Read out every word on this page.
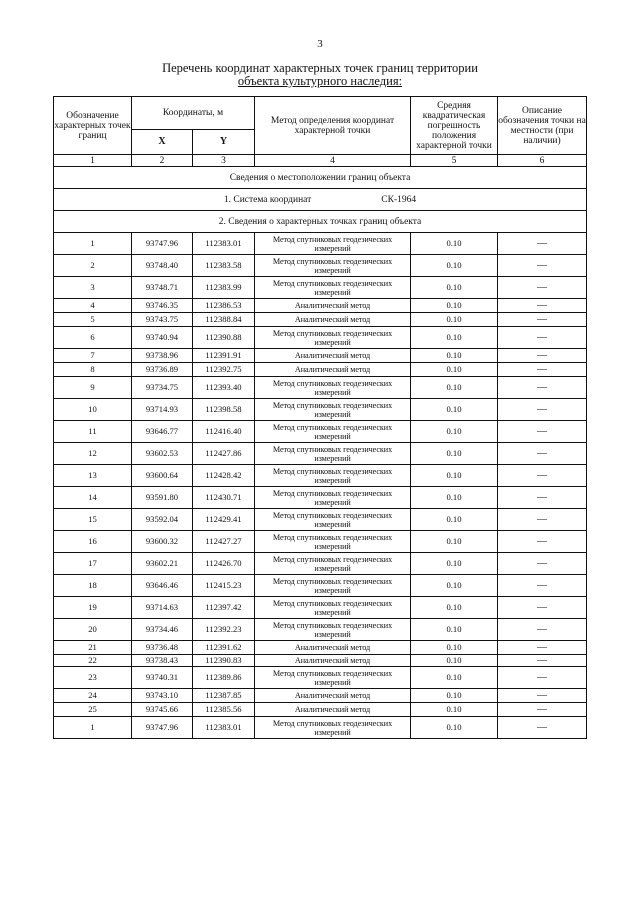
3
Перечень координат характерных точек границ территории
объекта культурного наследия:
Сведения о местоположении границ объекта					
1. Система координат СК-1964					
2. Сведения о характерных точках границ объекта					
Обозначение характерных точек границ	Координаты, м		Метод определения координат характерной точки	Средняя квадратическая погрешность положения характерной точки	Описание обозначения точки на местности (при наличии)
	X	Y			
1	2	3	4	5	6
1	93747.96	112383.01	Метод спутниковых геодезических измерений	0.10	—
2	93748.40	112383.58	Метод спутниковых геодезических измерений	0.10	—
3	93748.71	112383.99	Метод спутниковых геодезических измерений	0.10	—
4	93746.35	112386.53	Аналитический метод	0.10	—
5	93743.75	112388.84	Аналитический метод	0.10	—
6	93740.94	112390.88	Метод спутниковых геодезических измерений	0.10	—
7	93738.96	112391.91	Аналитический метод	0.10	—
8	93736.89	112392.75	Аналитический метод	0.10	—
9	93734.75	112393.40	Метод спутниковых геодезических измерений	0.10	—
10	93714.93	112398.58	Метод спутниковых геодезических измерений	0.10	—
11	93646.77	112416.40	Метод спутниковых геодезических измерений	0.10	—
12	93602.53	112427.86	Метод спутниковых геодезических измерений	0.10	—
13	93600.64	112428.42	Метод спутниковых геодезических измерений	0.10	—
14	93591.80	112430.71	Метод спутниковых геодезических измерений	0.10	—
15	93592.04	112429.41	Метод спутниковых геодезических измерений	0.10	—
16	93600.32	112427.27	Метод спутниковых геодезических измерений	0.10	—
17	93602.21	112426.70	Метод спутниковых геодезических измерений	0.10	—
18	93646.46	112415.23	Метод спутниковых геодезических измерений	0.10	—
19	93714.63	112397.42	Метод спутниковых геодезических измерений	0.10	—
20	93734.46	112392.23	Метод спутниковых геодезических измерений	0.10	—
21	93736.48	112391.62	Аналитический метод	0.10	—
22	93738.43	112390.83	Аналитический метод	0.10	—
23	93740.31	112389.86	Метод спутниковых геодезических измерений	0.10	—
24	93743.10	112387.85	Аналитический метод	0.10	—
25	93745.66	112385.56	Аналитический метод	0.10	—
1	93747.96	112383.01	Метод спутниковых геодезических измерений	0.10	—
